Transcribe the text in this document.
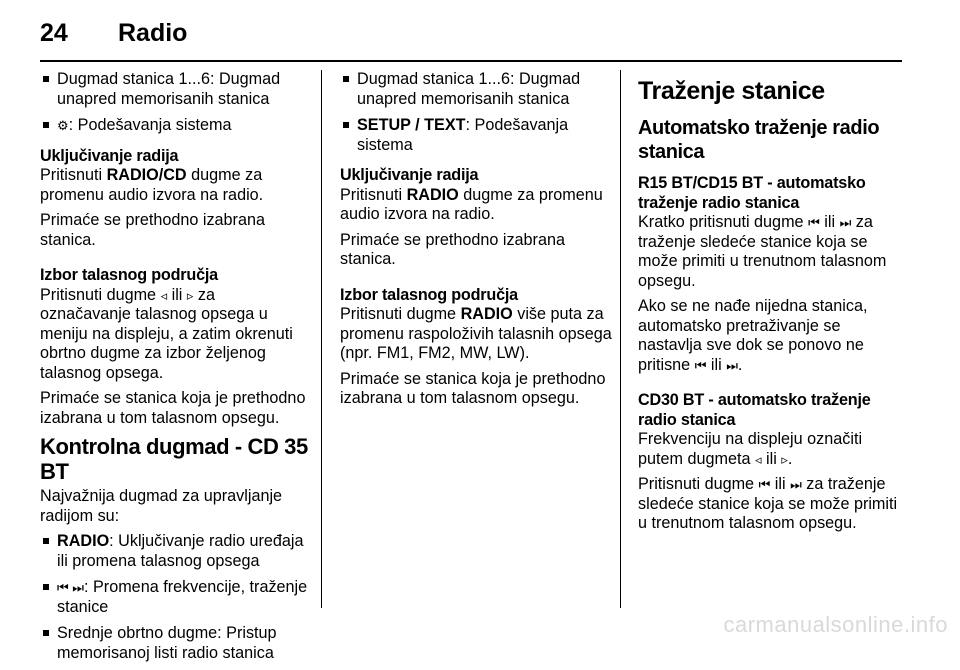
24 Radio
Dugmad stanica 1...6: Dugmad unapred memorisanih stanica
⚙: Podešavanja sistema

Uključivanje radija

Pritisnuti RADIO/CD dugme za promenu audio izvora na radio.

Primaće se prethodno izabrana stanica.

Izbor talasnog područja

Pritisnuti dugme ◃ ili ▹ za označavanje talasnog opsega u meniju na displeju, a zatim okrenuti obrtno dugme za izbor željenog talasnog opsega.

Primaće se stanica koja je prethodno izabrana u tom talasnom opsegu.

Kontrolna dugmad - CD 35 BT

Najvažnija dugmad za upravljanje radijom su:

RADIO: Uključivanje radio uređaja ili promena talasnog opsega
⏮ ⏭: Promena frekvencije, traženje stanice
Srednje obrtno dugme: Pristup memorisanoj listi radio stanica
Dugmad stanica 1...6: Dugmad unapred memorisanih stanica
SETUP / TEXT: Podešavanja sistema

Uključivanje radija

Pritisnuti RADIO dugme za promenu audio izvora na radio.

Primaće se prethodno izabrana stanica.

Izbor talasnog područja

Pritisnuti dugme RADIO više puta za promenu raspoloživih talasnih opsega (npr. FM1, FM2, MW, LW).

Primaće se stanica koja je prethodno izabrana u tom talasnom opsegu.

Traženje stanice
Automatsko traženje radio stanica

R15 BT/CD15 BT - automatsko traženje radio stanica

Kratko pritisnuti dugme ⏮ ili ⏭ za traženje sledeće stanice koja se može primiti u trenutnom talasnom opsegu.

Ako se ne nađe nijedna stanica, automatsko pretraživanje se nastavlja sve dok se ponovo ne pritisne ⏮ ili ⏭.

CD30 BT - automatsko traženje radio stanica

Frekvenciju na displeju označiti putem dugmeta ◃ ili ▹.

Pritisnuti dugme ⏮ ili ⏭ za traženje sledeće stanice koja se može primiti u trenutnom talasnom opsegu.

carmanualsonline.info
